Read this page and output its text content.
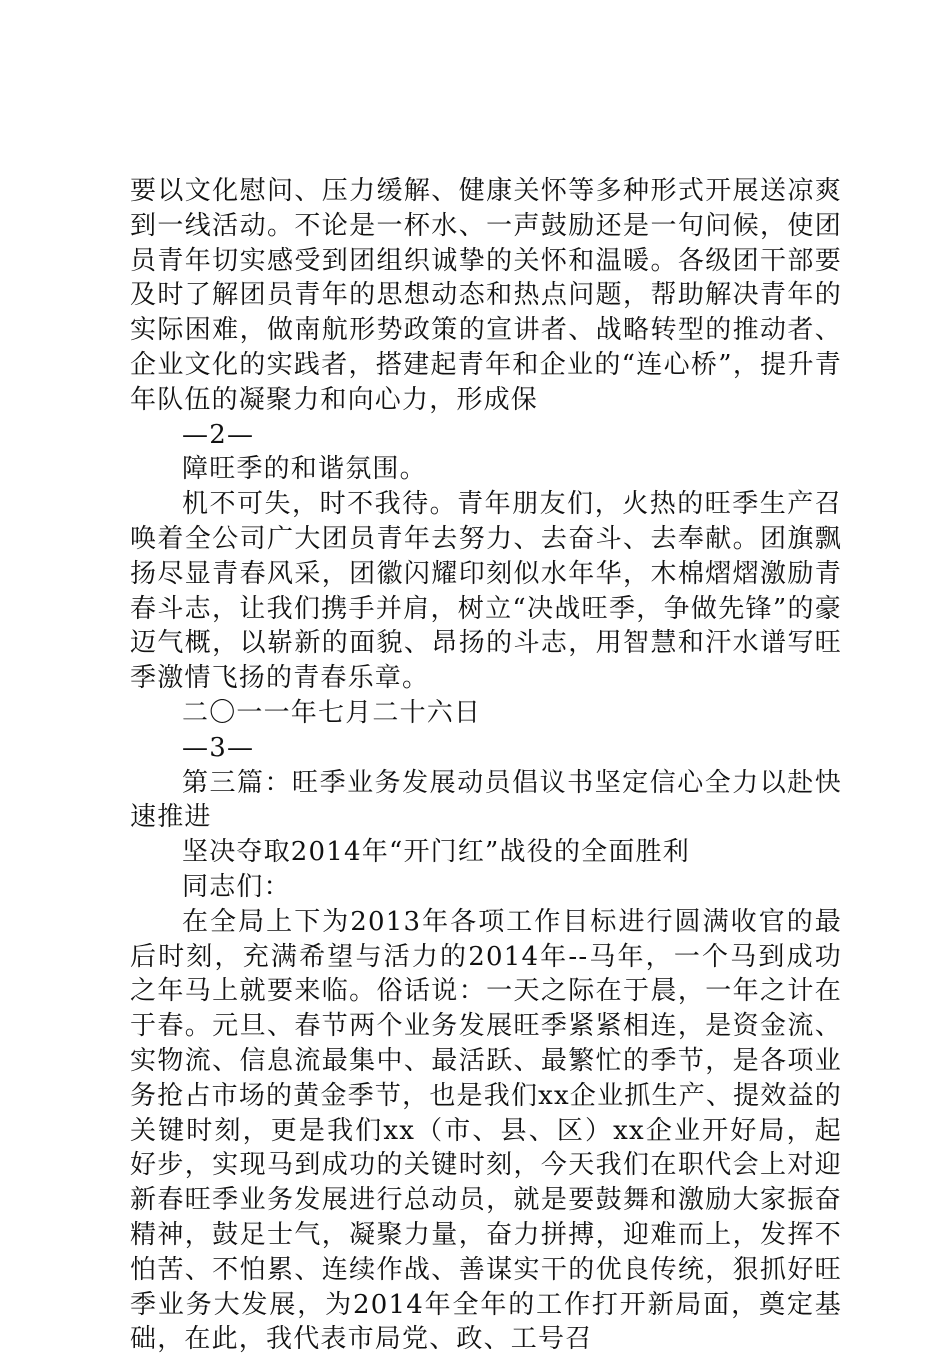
要以文化慰问、压力缓解、健康关怀等多种形式开展送凉爽到一线活动。不论是一杯水、一声鼓励还是一句问候，使团员青年切实感受到团组织诚挚的关怀和温暖。各级团干部要及时了解团员青年的思想动态和热点问题，帮助解决青年的实际困难，做南航形势政策的宣讲者、战略转型的推动者、企业文化的实践者，搭建起青年和企业的“连心桥”，提升青年队伍的凝聚力和向心力，形成保

—2—

障旺季的和谐氛围。

机不可失，时不我待。青年朋友们，火热的旺季生产召唤着全公司广大团员青年去努力、去奋斗、去奉献。团旗飘扬尽显青春风采，团徽闪耀印刻似水年华，木棉熠熠激励青春斗志，让我们携手并肩，树立“决战旺季，争做先锋”的豪迈气概，以崭新的面貌、昂扬的斗志，用智慧和汗水谱写旺季激情飞扬的青春乐章。

二〇一一年七月二十六日

—3—

第三篇：旺季业务发展动员倡议书坚定信心全力以赴快速推进

坚决夺取2014年“开门红”战役的全面胜利

同志们：

在全局上下为2013年各项工作目标进行圆满收官的最后时刻，充满希望与活力的2014年--马年，一个马到成功之年马上就要来临。俗话说：一天之际在于晨，一年之计在于春。元旦、春节两个业务发展旺季紧紧相连，是资金流、实物流、信息流最集中、最活跃、最繁忙的季节，是各项业务抢占市场的黄金季节，也是我们xx企业抓生产、提效益的关键时刻，更是我们xx（市、县、区）xx企业开好局，起好步，实现马到成功的关键时刻，今天我们在职代会上对迎新春旺季业务发展进行总动员，就是要鼓舞和激励大家振奋精神，鼓足士气，凝聚力量，奋力拼搏，迎难而上，发挥不怕苦、不怕累、连续作战、善谋实干的优良传统，狠抓好旺季业务大发展，为2014年全年的工作打开新局面，奠定基础，在此，我代表市局党、政、工号召
